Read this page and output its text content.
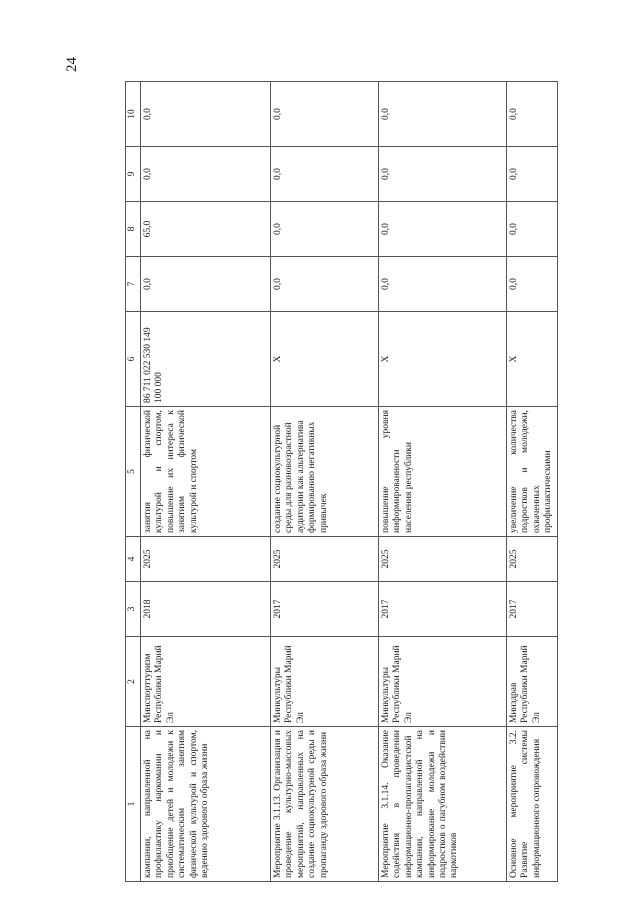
24
1	2	3	4	5	6	7	8	9	10
кампании, направленной на профилактику наркомании и приобщение детей и молодежи к систематическим занятиям физической культурой и спортом, ведению здорового образа жизни	Минспорттуризм Республики Марий Эл	2018	2025	занятия физической культурой и спортом, повышение их интереса к занятиям физической культурой и спортом	86 711 022 530 149 100 000	0,0	65,0	0,0	0,0
Мероприятие 3.1.13. Организация и проведение культурно-массовых мероприятий, направленных на создание социокультурной среды и пропаганду здорового образа жизни	Минкультуры Республики Марий Эл	2017	2025	создание социокультурной среды для разновозрастной аудитории как альтернатива формированию негативных привычек	X	0,0	0,0	0,0	0,0
Мероприятие 3.1.14. Оказание содействия в проведении информационно-пропагандистской кампании, направленной на информирование молодежи и подростков о пагубном воздействии наркотиков	Минкультуры Республики Марий Эл	2017	2025	повышение уровня информированности населения республики	X	0,0	0,0	0,0	0,0
Основное мероприятие 3.2. Развитие системы информационного сопровождения	Минздрав Республики Марий Эл	2017	2025	увеличение количества подростков и молодежи, охваченных профилактическими	X	0,0	0,0	0,0	0,0
